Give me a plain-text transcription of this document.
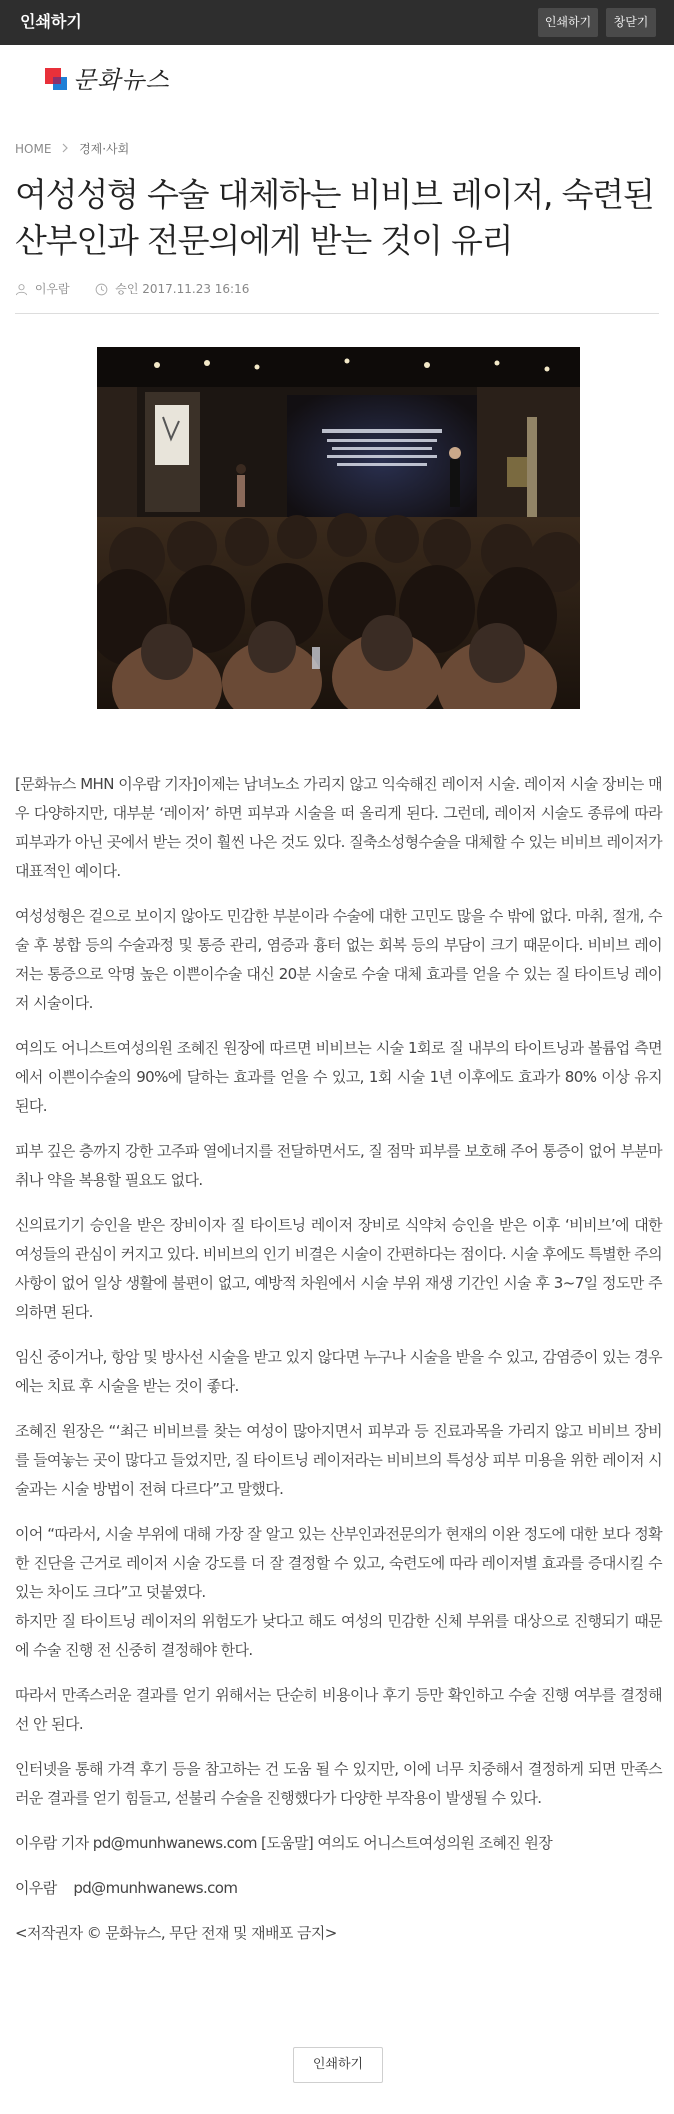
인쇄하기	인쇄하기	창닫기
문화뉴스
HOME 경제·사회
여성성형 수술 대체하는 비비브 레이저, 숙련된 산부인과 전문의에게 받는 것이 유리
이우람	승인 2017.11.23 16:16

[문화뉴스 MHN 이우람 기자]이제는 남녀노소 가리지 않고 익숙해진 레이저 시술. 레이저 시술 장비는 매우 다양하지만, 대부분 ‘레이저’ 하면 피부과 시술을 떠 올리게 된다. 그런데, 레이저 시술도 종류에 따라 피부과가 아닌 곳에서 받는 것이 훨씬 나은 것도 있다. 질축소성형수술을 대체할 수 있는 비비브 레이저가 대표적인 예이다.

여성성형은 겉으로 보이지 않아도 민감한 부분이라 수술에 대한 고민도 많을 수 밖에 없다. 마취, 절개, 수술 후 봉합 등의 수술과정 및 통증 관리, 염증과 흉터 없는 회복 등의 부담이 크기 때문이다. 비비브 레이저는 통증으로 악명 높은 이쁜이수술 대신 20분 시술로 수술 대체 효과를 얻을 수 있는 질 타이트닝 레이저 시술이다.

여의도 어니스트여성의원 조혜진 원장에 따르면 비비브는 시술 1회로 질 내부의 타이트닝과 볼륨업 측면에서 이쁜이수술의 90%에 달하는 효과를 얻을 수 있고, 1회 시술 1년 이후에도 효과가 80% 이상 유지된다.

피부 깊은 층까지 강한 고주파 열에너지를 전달하면서도, 질 점막 피부를 보호해 주어 통증이 없어 부분마취나 약을 복용할 필요도 없다.

신의료기기 승인을 받은 장비이자 질 타이트닝 레이저 장비로 식약처 승인을 받은 이후 ‘비비브’에 대한 여성들의 관심이 커지고 있다. 비비브의 인기 비결은 시술이 간편하다는 점이다. 시술 후에도 특별한 주의사항이 없어 일상 생활에 불편이 없고, 예방적 차원에서 시술 부위 재생 기간인 시술 후 3~7일 정도만 주의하면 된다.

임신 중이거나, 항암 및 방사선 시술을 받고 있지 않다면 누구나 시술을 받을 수 있고, 감염증이 있는 경우에는 치료 후 시술을 받는 것이 좋다.

조혜진 원장은 “‘최근 비비브를 찾는 여성이 많아지면서 피부과 등 진료과목을 가리지 않고 비비브 장비를 들여놓는 곳이 많다고 들었지만, 질 타이트닝 레이저라는 비비브의 특성상 피부 미용을 위한 레이저 시술과는 시술 방법이 전혀 다르다”고 말했다.

이어 “따라서, 시술 부위에 대해 가장 잘 알고 있는 산부인과전문의가 현재의 이완 정도에 대한 보다 정확한 진단을 근거로 레이저 시술 강도를 더 잘 결정할 수 있고, 숙련도에 따라 레이저별 효과를 증대시킬 수 있는 차이도 크다”고 덧붙였다.

하지만 질 타이트닝 레이저의 위험도가 낮다고 해도 여성의 민감한 신체 부위를 대상으로 진행되기 때문에 수술 진행 전 신중히 결정해야 한다.

따라서 만족스러운 결과를 얻기 위해서는 단순히 비용이나 후기 등만 확인하고 수술 진행 여부를 결정해선 안 된다.

인터넷을 통해 가격 후기 등을 참고하는 건 도움 될 수 있지만, 이에 너무 치중해서 결정하게 되면 만족스러운 결과를 얻기 힘들고, 섣불리 수술을 진행했다가 다양한 부작용이 발생될 수 있다.

이우람 기자 pd@munhwanews.com [도움말] 여의도 어니스트여성의원 조혜진 원장

이우람    pd@munhwanews.com

<저작권자 © 문화뉴스, 무단 전재 및 재배포 금지>

인쇄하기
